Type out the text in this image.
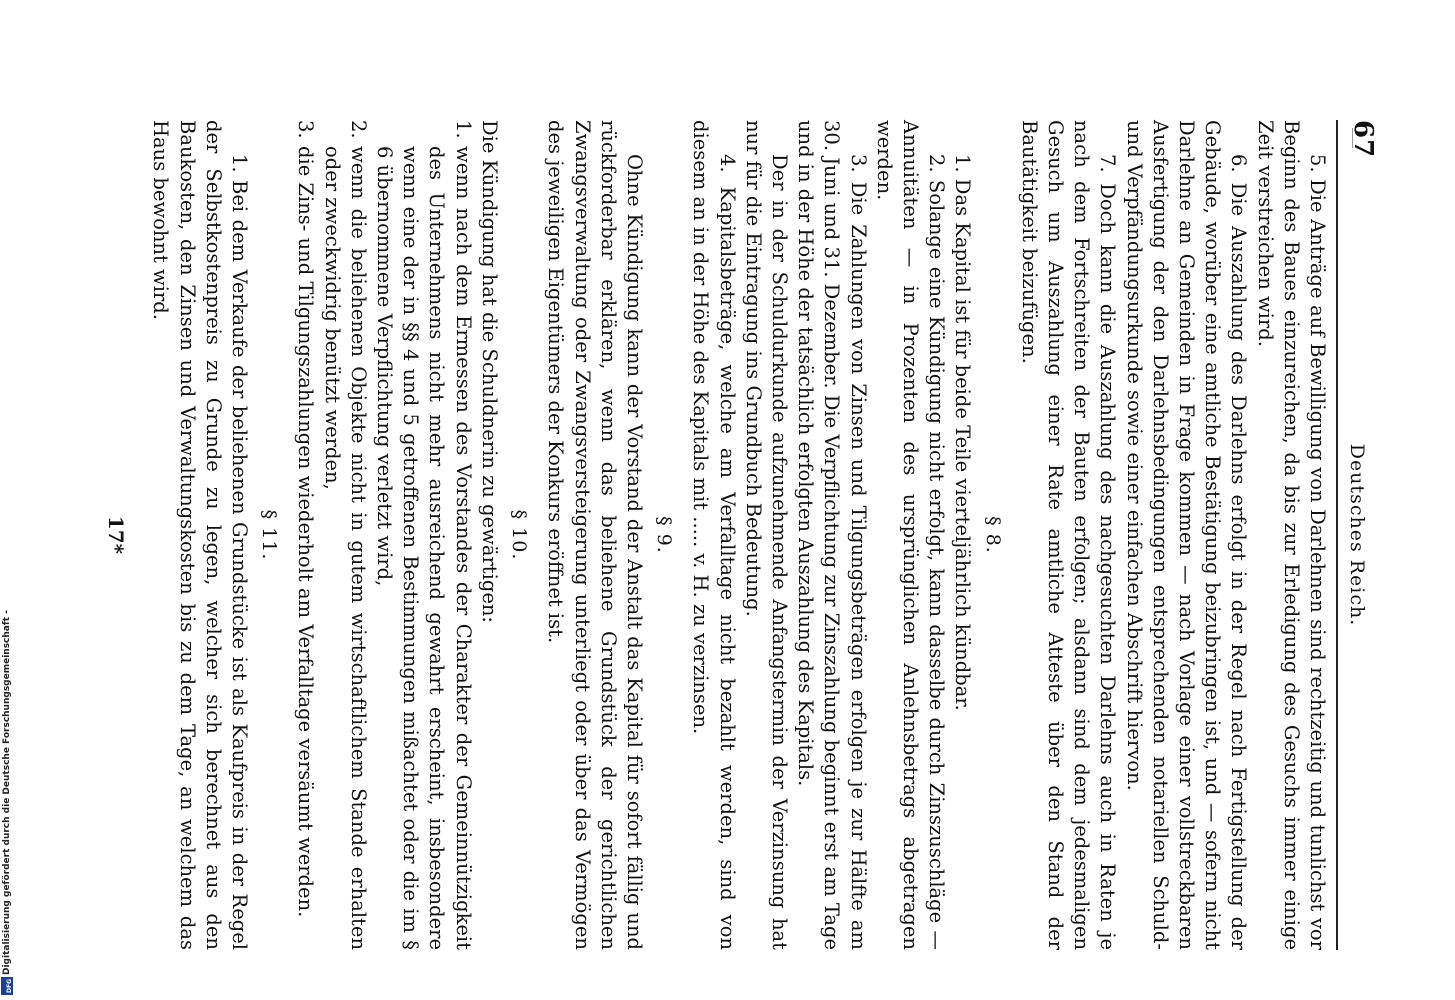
67
Deutsches Reich.

5. Die Anträge auf Bewilligung von Darlehnen sind rechtzeitig und tunlichst vor Beginn des Baues einzureichen, da bis zur Erledigung des Gesuchs immer einige Zeit verstreichen wird.

6. Die Auszahlung des Darlehns erfolgt in der Regel nach Fertigstellung der Gebäude, worüber eine amtliche Bestätigung beizubringen ist, und — sofern nicht Darlehne an Gemeinden in Frage kommen — nach Vorlage einer vollstreckbaren Ausfertigung der den Darlehnsbedingungen entsprechenden notariellen Schuld- und Verpfändungsurkunde sowie einer einfachen Abschrift hiervon.

7. Doch kann die Auszahlung des nachgesuchten Darlehns auch in Raten je nach dem Fortschreiten der Bauten erfolgen; alsdann sind dem jedesmaligen Gesuch um Auszahlung einer Rate amtliche Atteste über den Stand der Bautätigkeit beizufügen.

§ 8.

1. Das Kapital ist für beide Teile vierteljährlich kündbar.

2. Solange eine Kündigung nicht erfolgt, kann dasselbe durch Zinszuschläge — Annuitäten — in Prozenten des ursprünglichen Anlehnsbetrags abgetragen werden.

3. Die Zahlungen von Zinsen und Tilgungsbeträgen erfolgen je zur Hälfte am 30. Juni und 31. Dezember. Die Verpflichtung zur Zinszahlung beginnt erst am Tage und in der Höhe der tatsächlich erfolgten Auszahlung des Kapitals.

Der in der Schuldurkunde aufzunehmende Anfangstermin der Verzinsung hat nur für die Eintragung ins Grundbuch Bedeutung.

4. Kapitalsbeträge, welche am Verfalltage nicht bezahlt werden, sind von diesem an in der Höhe des Kapitals mit ..... v. H. zu verzinsen.

§ 9.

Ohne Kündigung kann der Vorstand der Anstalt das Kapital für sofort fällig und rückforderbar erklären, wenn das beliehene Grundstück der gerichtlichen Zwangsverwaltung oder Zwangsversteigerung unterliegt oder über das Vermögen des jeweiligen Eigentümers der Konkurs eröffnet ist.

§ 10.

Die Kündigung hat die Schuldnerin zu gewärtigen:

1.
wenn nach dem Ermessen des Vorstandes der Charakter der Gemeinnützigkeit des Unternehmens nicht mehr ausreichend gewahrt erscheint, insbesondere wenn eine der in §§ 4 und 5 getroffenen Bestimmungen mißachtet oder die im § 6 übernommene Verpflichtung verletzt wird,
2.
wenn die beliehenen Objekte nicht in gutem wirtschaftlichem Stande erhalten oder zweckwidrig benützt werden,
3.
die Zins- und Tilgungszahlungen wiederholt am Verfalltage versäumt werden.
§ 11.

1. Bei dem Verkaufe der beliehenen Grundstücke ist als Kaufpreis in der Regel der Selbstkostenpreis zu Grunde zu legen, welcher sich berechnet aus den Baukosten, den Zinsen und Verwaltungskosten bis zu dem Tage, an welchem das Haus bewohnt wird.

17*
Digitalisierung gefördert durch die Deutsche Forschungsgemeinschaft -
DFG
